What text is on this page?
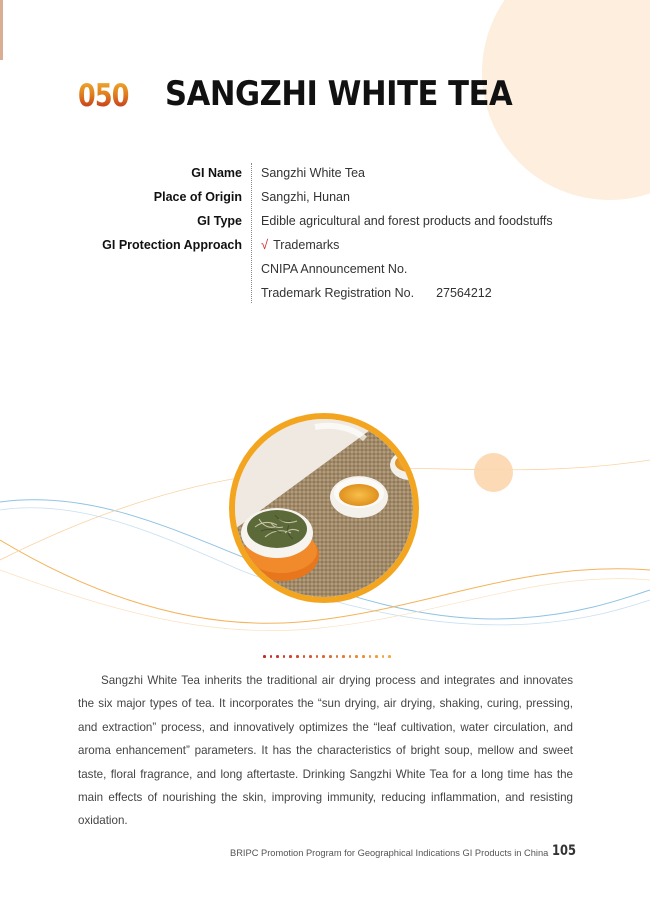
050 SANGZHI WHITE TEA
GI Name
Place of Origin
GI Type
GI Protection Approach
Sangzhi White Tea
Sangzhi, Hunan
Edible agricultural and forest products and foodstuffs
√ Trademarks
CNIPA Announcement No.
Trademark Registration No. 27564212

Sangzhi White Tea inherits the traditional air drying process and integrates and innovates the six major types of tea. It incorporates the “sun drying, air drying, shaking, curing, pressing, and extraction” process, and innovatively optimizes the “leaf cultivation, water circulation, and aroma enhancement” parameters. It has the characteristics of bright soup, mellow and sweet taste, floral fragrance, and long aftertaste. Drinking Sangzhi White Tea for a long time has the main effects of nourishing the skin, improving immunity, reducing inflammation, and resisting oxidation.

BRIPC Promotion Program for Geographical Indications GI Products in China 105
